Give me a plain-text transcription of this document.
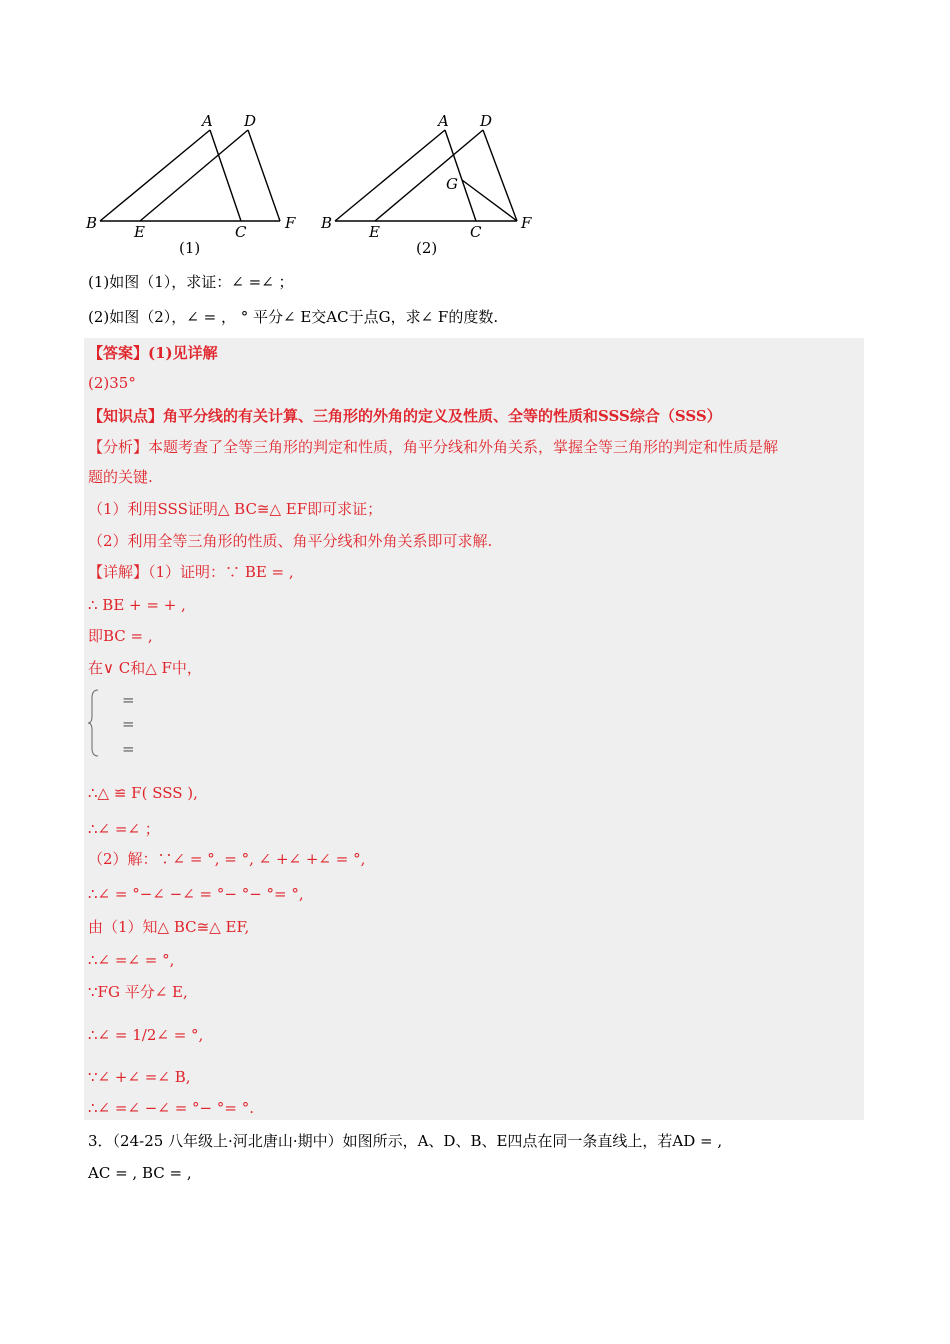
A D
B E	C	F
(1)
A D
G
B E	C	F
(2)
(1)如图（1），求证：∠ =∠ ；
(2)如图（2），∠ = ， ° 平分∠ E交AC于点G，求∠ F的度数.
【答案】(1)见详解
(2)35°
【知识点】角平分线的有关计算、三角形的外角的定义及性质、全等的性质和SSS综合（SSS）
【分析】本题考查了全等三角形的判定和性质，角平分线和外角关系，掌握全等三角形的判定和性质是解
题的关键.
（1）利用SSS证明△ BC≅△ EF即可求证；
（2）利用全等三角形的性质、角平分线和外角关系即可求解.
【详解】（1）证明：∵ BE = ,
∴ BE + = + ,
即BC = ,
在∨ C和△ F中，
=
=
=
∴△ ≌ F( SSS ),
∴∠ =∠ ；
（2）解：∵∠ = °, = °, ∠ +∠ +∠ = °,
∴∠ = °−∠ −∠ = °− °− °= °,
由（1）知△ BC≅△ EF,
∴∠ =∠ = °,
∵FG 平分∠ E,
∴∠ = 1/2∠ = °,
∵∠ +∠ =∠ B,
∴∠ =∠ −∠ = °− °= °.
3．（24-25 八年级上·河北唐山·期中）如图所示，A、D、B、E四点在同一条直线上，若AD = ,
AC = , BC = ,
